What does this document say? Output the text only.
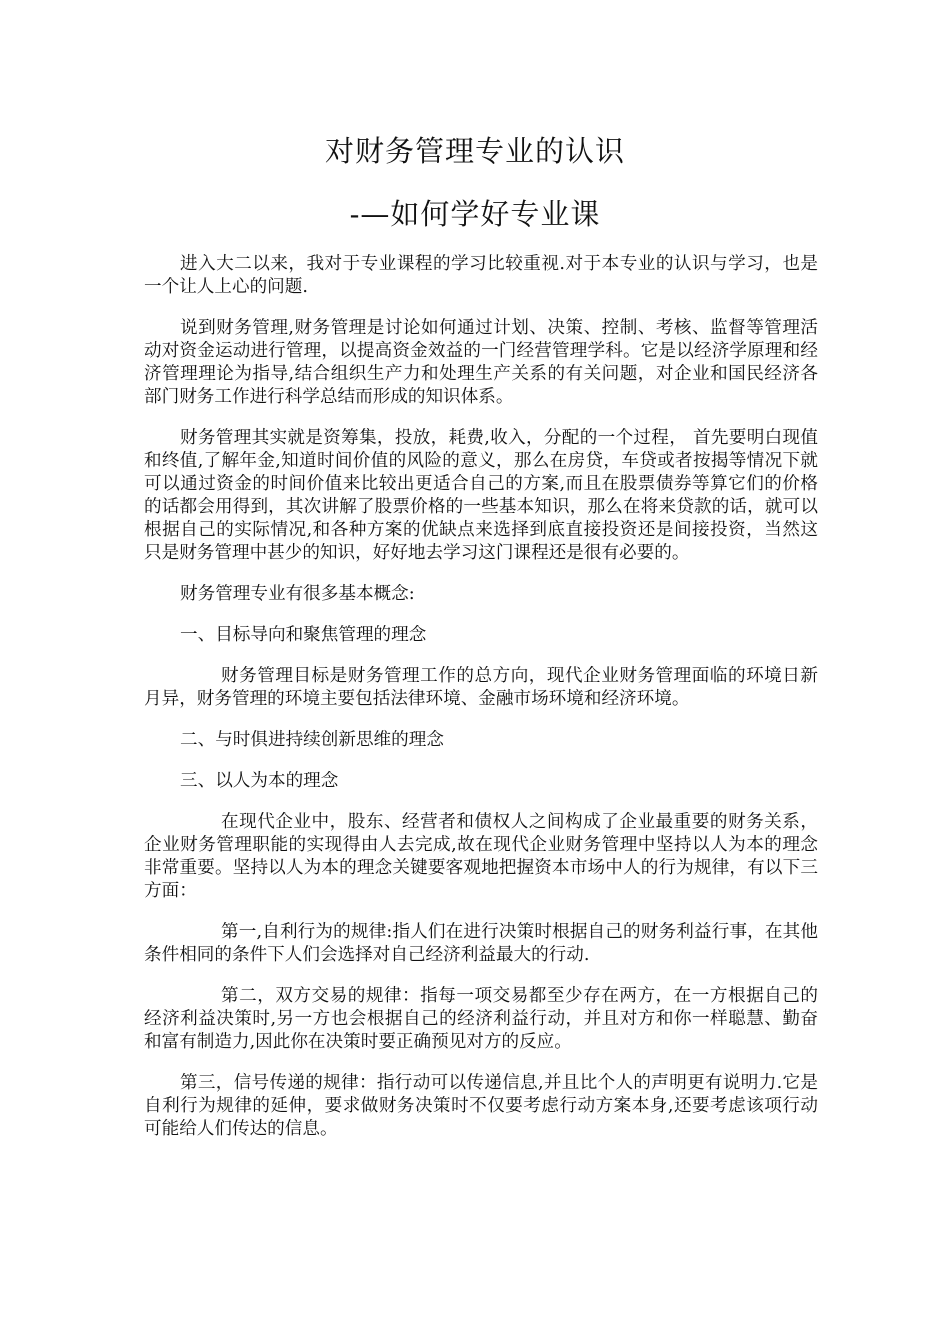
对财务管理专业的认识
-—如何学好专业课

进入大二以来，我对于专业课程的学习比较重视.对于本专业的认识与学习，也是一个让人上心的问题.

说到财务管理,财务管理是讨论如何通过计划、决策、控制、考核、监督等管理活动对资金运动进行管理，以提高资金效益的一门经营管理学科。它是以经济学原理和经济管理理论为指导,结合组织生产力和处理生产关系的有关问题，对企业和国民经济各部门财务工作进行科学总结而形成的知识体系。

财务管理其实就是资筹集，投放，耗费,收入，分配的一个过程， 首先要明白现值和终值,了解年金,知道时间价值的风险的意义，那么在房贷，车贷或者按揭等情况下就可以通过资金的时间价值来比较出更适合自己的方案,而且在股票债券等算它们的价格的话都会用得到，其次讲解了股票价格的一些基本知识，那么在将来贷款的话，就可以根据自己的实际情况,和各种方案的优缺点来选择到底直接投资还是间接投资，当然这只是财务管理中甚少的知识，好好地去学习这门课程还是很有必要的。

财务管理专业有很多基本概念:

一、目标导向和聚焦管理的理念

财务管理目标是财务管理工作的总方向，现代企业财务管理面临的环境日新月异，财务管理的环境主要包括法律环境、金融市场环境和经济环境。

二、与时俱进持续创新思维的理念

三、以人为本的理念

在现代企业中，股东、经营者和债权人之间构成了企业最重要的财务关系，企业财务管理职能的实现得由人去完成,故在现代企业财务管理中坚持以人为本的理念非常重要。坚持以人为本的理念关键要客观地把握资本市场中人的行为规律，有以下三方面：

第一,自利行为的规律:指人们在进行决策时根据自己的财务利益行事，在其他条件相同的条件下人们会选择对自己经济利益最大的行动.

第二，双方交易的规律：指每一项交易都至少存在两方，在一方根据自己的经济利益决策时,另一方也会根据自己的经济利益行动，并且对方和你一样聪慧、勤奋和富有制造力,因此你在决策时要正确预见对方的反应。

第三，信号传递的规律：指行动可以传递信息,并且比个人的声明更有说明力.它是自利行为规律的延伸，要求做财务决策时不仅要考虑行动方案本身,还要考虑该项行动可能给人们传达的信息。
